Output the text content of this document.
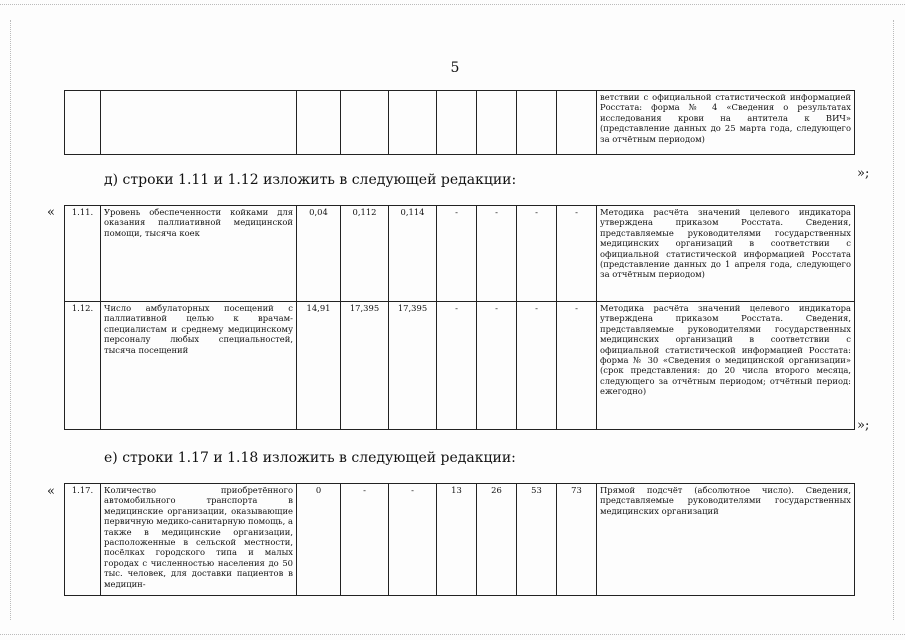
5
									ветствии с официальной статистической информацией Росстата: форма № 4 «Сведения о результатах исследования крови на антитела к ВИЧ» (представление данных до 25 марта года, следующего за отчётным периодом)
»;
д) строки 1.11 и 1.12 изложить в следующей редакции:
« 1.11.	Уровень обеспеченности койками для оказания паллиативной медицинской помощи, тысяча коек	0,04	0,112	0,114	-	-	-	-	Методика расчёта значений целевого индикатора утверждена приказом Росстата. Сведения, представляемые руководителями государственных медицинских организаций в соответствии с официальной статистической информацией Росстата (представление данных до 1 апреля года, следующего за отчётным периодом)
1.12.	Число амбулаторных посещений с паллиативной целью к врачам-специалистам и среднему медицинскому персоналу любых специальностей, тысяча посещений	14,91	17,395	17,395	-	-	-	-	Методика расчёта значений целевого индикатора утверждена приказом Росстата. Сведения, представляемые руководителями государственных медицинских организаций в соответствии с официальной статистической информацией Росстата: форма № 30 «Сведения о медицинской организации» (срок представления: до 20 числа второго месяца, следующего за отчётным периодом; отчётный период: ежегодно)
»;
е) строки 1.17 и 1.18 изложить в следующей редакции:
« 1.17.	Количество приобретённого автомобильного транспорта в медицинские организации, оказывающие первичную медико-санитарную помощь, а также в медицинские организации, расположенные в сельской местности, посёлках городского типа и малых городах с численностью населения до 50 тыс. человек, для доставки пациентов в медицин-	0	-	-	13	26	53	73	Прямой подсчёт (абсолютное число). Сведения, представляемые руководителями государственных медицинских организаций
